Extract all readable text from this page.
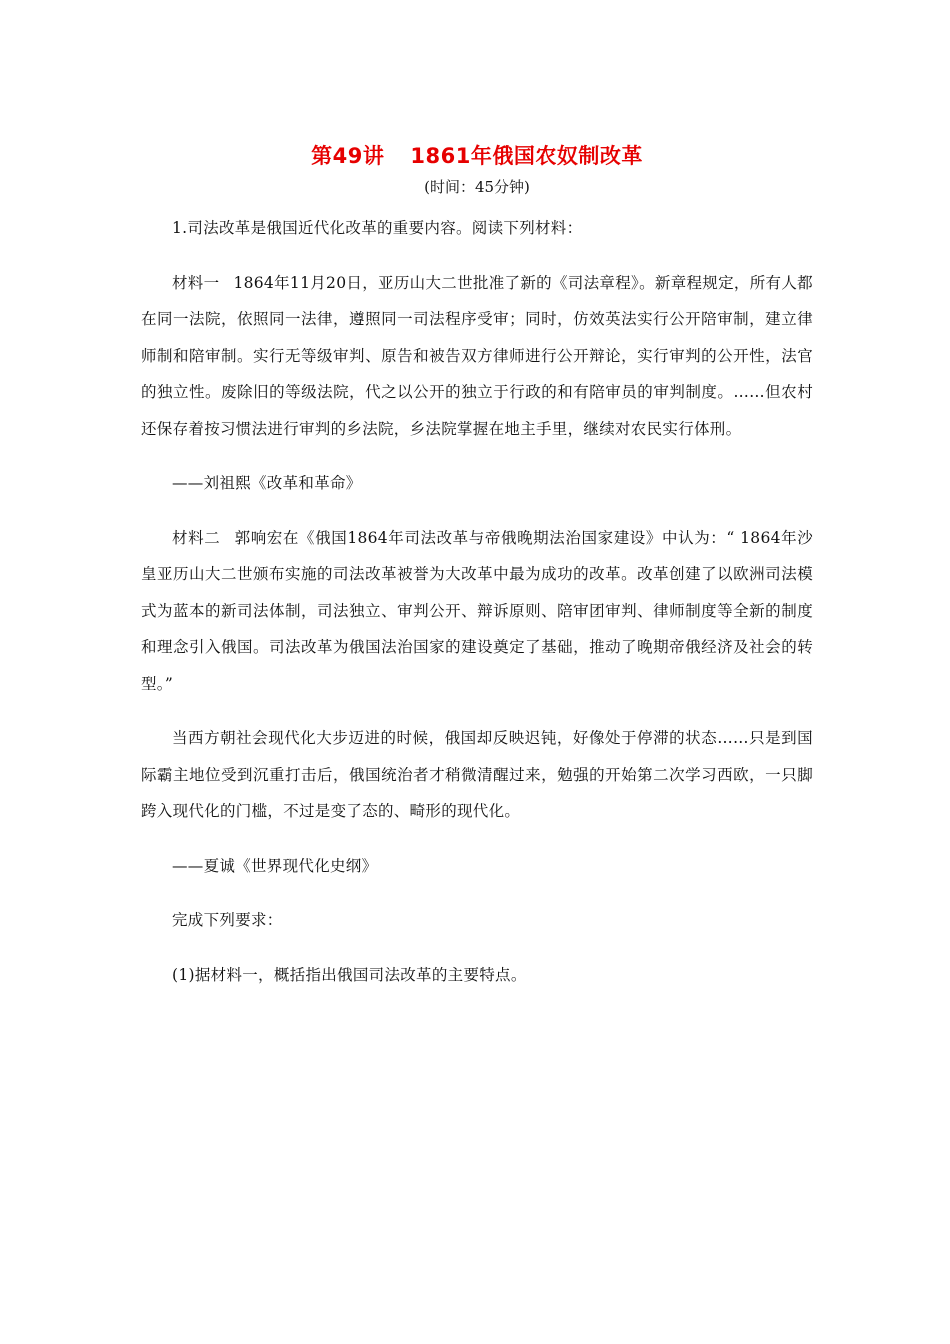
第49讲 1861年俄国农奴制改革

(时间：45分钟)

1.司法改革是俄国近代化改革的重要内容。阅读下列材料：

材料一 1864年11月20日，亚历山大二世批准了新的《司法章程》。新章程规定，所有人都在同一法院，依照同一法律，遵照同一司法程序受审；同时，仿效英法实行公开陪审制，建立律师制和陪审制。实行无等级审判、原告和被告双方律师进行公开辩论，实行审判的公开性，法官的独立性。废除旧的等级法院，代之以公开的独立于行政的和有陪审员的审判制度。……但农村还保存着按习惯法进行审判的乡法院，乡法院掌握在地主手里，继续对农民实行体刑。

——刘祖熙《改革和革命》

材料二 郭响宏在《俄国1864年司法改革与帝俄晚期法治国家建设》中认为：“ 1864年沙皇亚历山大二世颁布实施的司法改革被誉为大改革中最为成功的改革。改革创建了以欧洲司法模式为蓝本的新司法体制，司法独立、审判公开、辩诉原则、陪审团审判、律师制度等全新的制度和理念引入俄国。司法改革为俄国法治国家的建设奠定了基础，推动了晚期帝俄经济及社会的转型。”

当西方朝社会现代化大步迈进的时候，俄国却反映迟钝，好像处于停滞的状态……只是到国际霸主地位受到沉重打击后，俄国统治者才稍微清醒过来，勉强的开始第二次学习西欧，一只脚跨入现代化的门槛，不过是变了态的、畸形的现代化。

——夏诚《世界现代化史纲》

完成下列要求：

(1)据材料一，概括指出俄国司法改革的主要特点。
